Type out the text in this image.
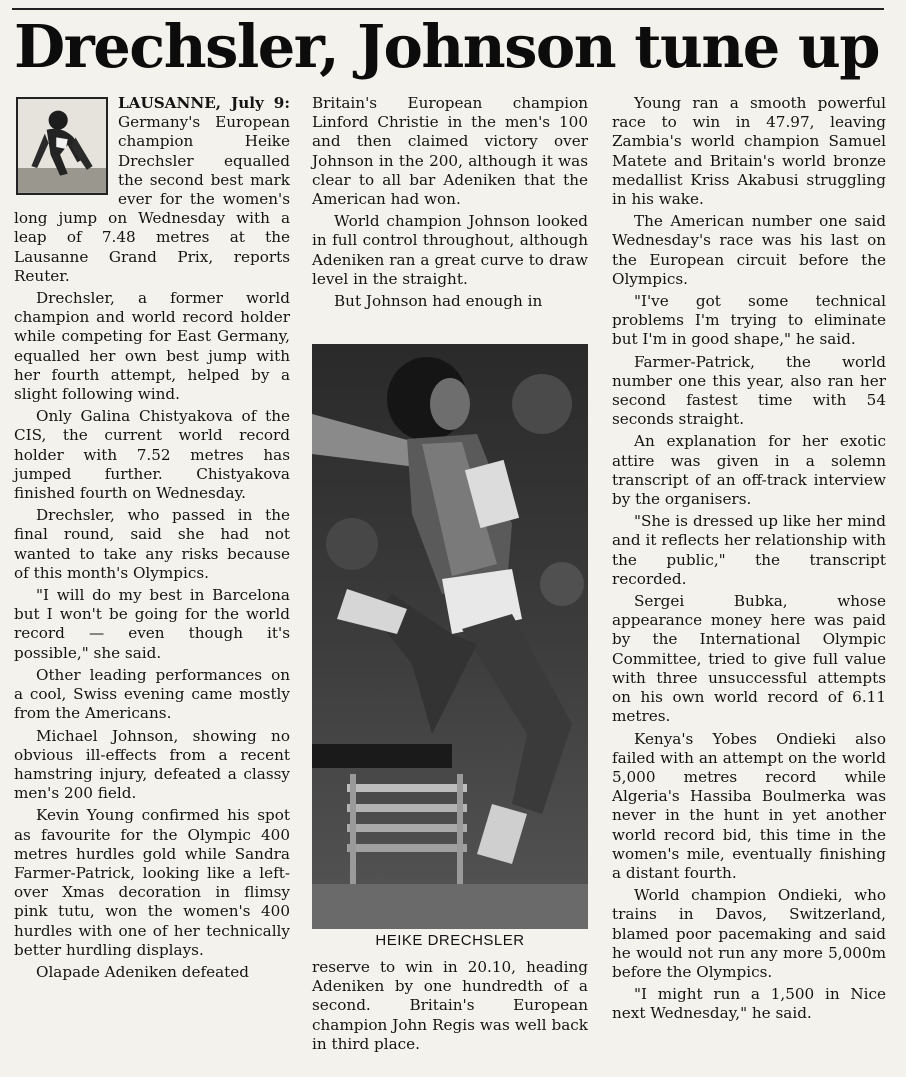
Drechsler, Johnson tune up

LAUSANNE, July 9: Germany's European champion Heike Drechsler equalled the second best mark ever for the women's long jump on Wednesday with a leap of 7.48 metres at the Lausanne Grand Prix, reports Reuter.

Drechsler, a former world champion and world record holder while competing for East Germany, equalled her own best jump with her fourth attempt, helped by a slight following wind.

Only Galina Chistyakova of the CIS, the current world record holder with 7.52 metres has jumped further. Chistyakova finished fourth on Wednesday.

Drechsler, who passed in the final round, said she had not wanted to take any risks because of this month's Olympics.

"I will do my best in Barcelona but I won't be going for the world record — even though it's possible," she said.

Other leading performances on a cool, Swiss evening came mostly from the Americans.

Michael Johnson, showing no obvious ill-effects from a recent hamstring injury, defeated a classy men's 200 field.

Kevin Young confirmed his spot as favourite for the Olympic 400 metres hurdles gold while Sandra Farmer-Patrick, looking like a left-over Xmas decoration in flimsy pink tutu, won the women's 400 hurdles with one of her technically better hurdling displays.

Olapade Adeniken defeated

Britain's European champion Linford Christie in the men's 100 and then claimed victory over Johnson in the 200, although it was clear to all bar Adeniken that the American had won.

World champion Johnson looked in full control throughout, although Adeniken ran a great curve to draw level in the straight.

But Johnson had enough in

HEIKE DRECHSLER

reserve to win in 20.10, heading Adeniken by one hundredth of a second. Britain's European champion John Regis was well back in third place.

Young ran a smooth powerful race to win in 47.97, leaving Zambia's world champion Samuel Matete and Britain's world bronze medallist Kriss Akabusi struggling in his wake.

The American number one said Wednesday's race was his last on the European circuit before the Olympics.

"I've got some technical problems I'm trying to eliminate but I'm in good shape," he said.

Farmer-Patrick, the world number one this year, also ran her second fastest time with 54 seconds straight.

An explanation for her exotic attire was given in a solemn transcript of an off-track interview by the organisers.

"She is dressed up like her mind and it reflects her relationship with the public," the transcript recorded.

Sergei Bubka, whose appearance money here was paid by the International Olympic Committee, tried to give full value with three unsuccessful attempts on his own world record of 6.11 metres.

Kenya's Yobes Ondieki also failed with an attempt on the world 5,000 metres record while Algeria's Hassiba Boulmerka was never in the hunt in yet another world record bid, this time in the women's mile, eventually finishing a distant fourth.

World champion Ondieki, who trains in Davos, Switzerland, blamed poor pacemaking and said he would not run any more 5,000m before the Olympics.

"I might run a 1,500 in Nice next Wednesday," he said.
